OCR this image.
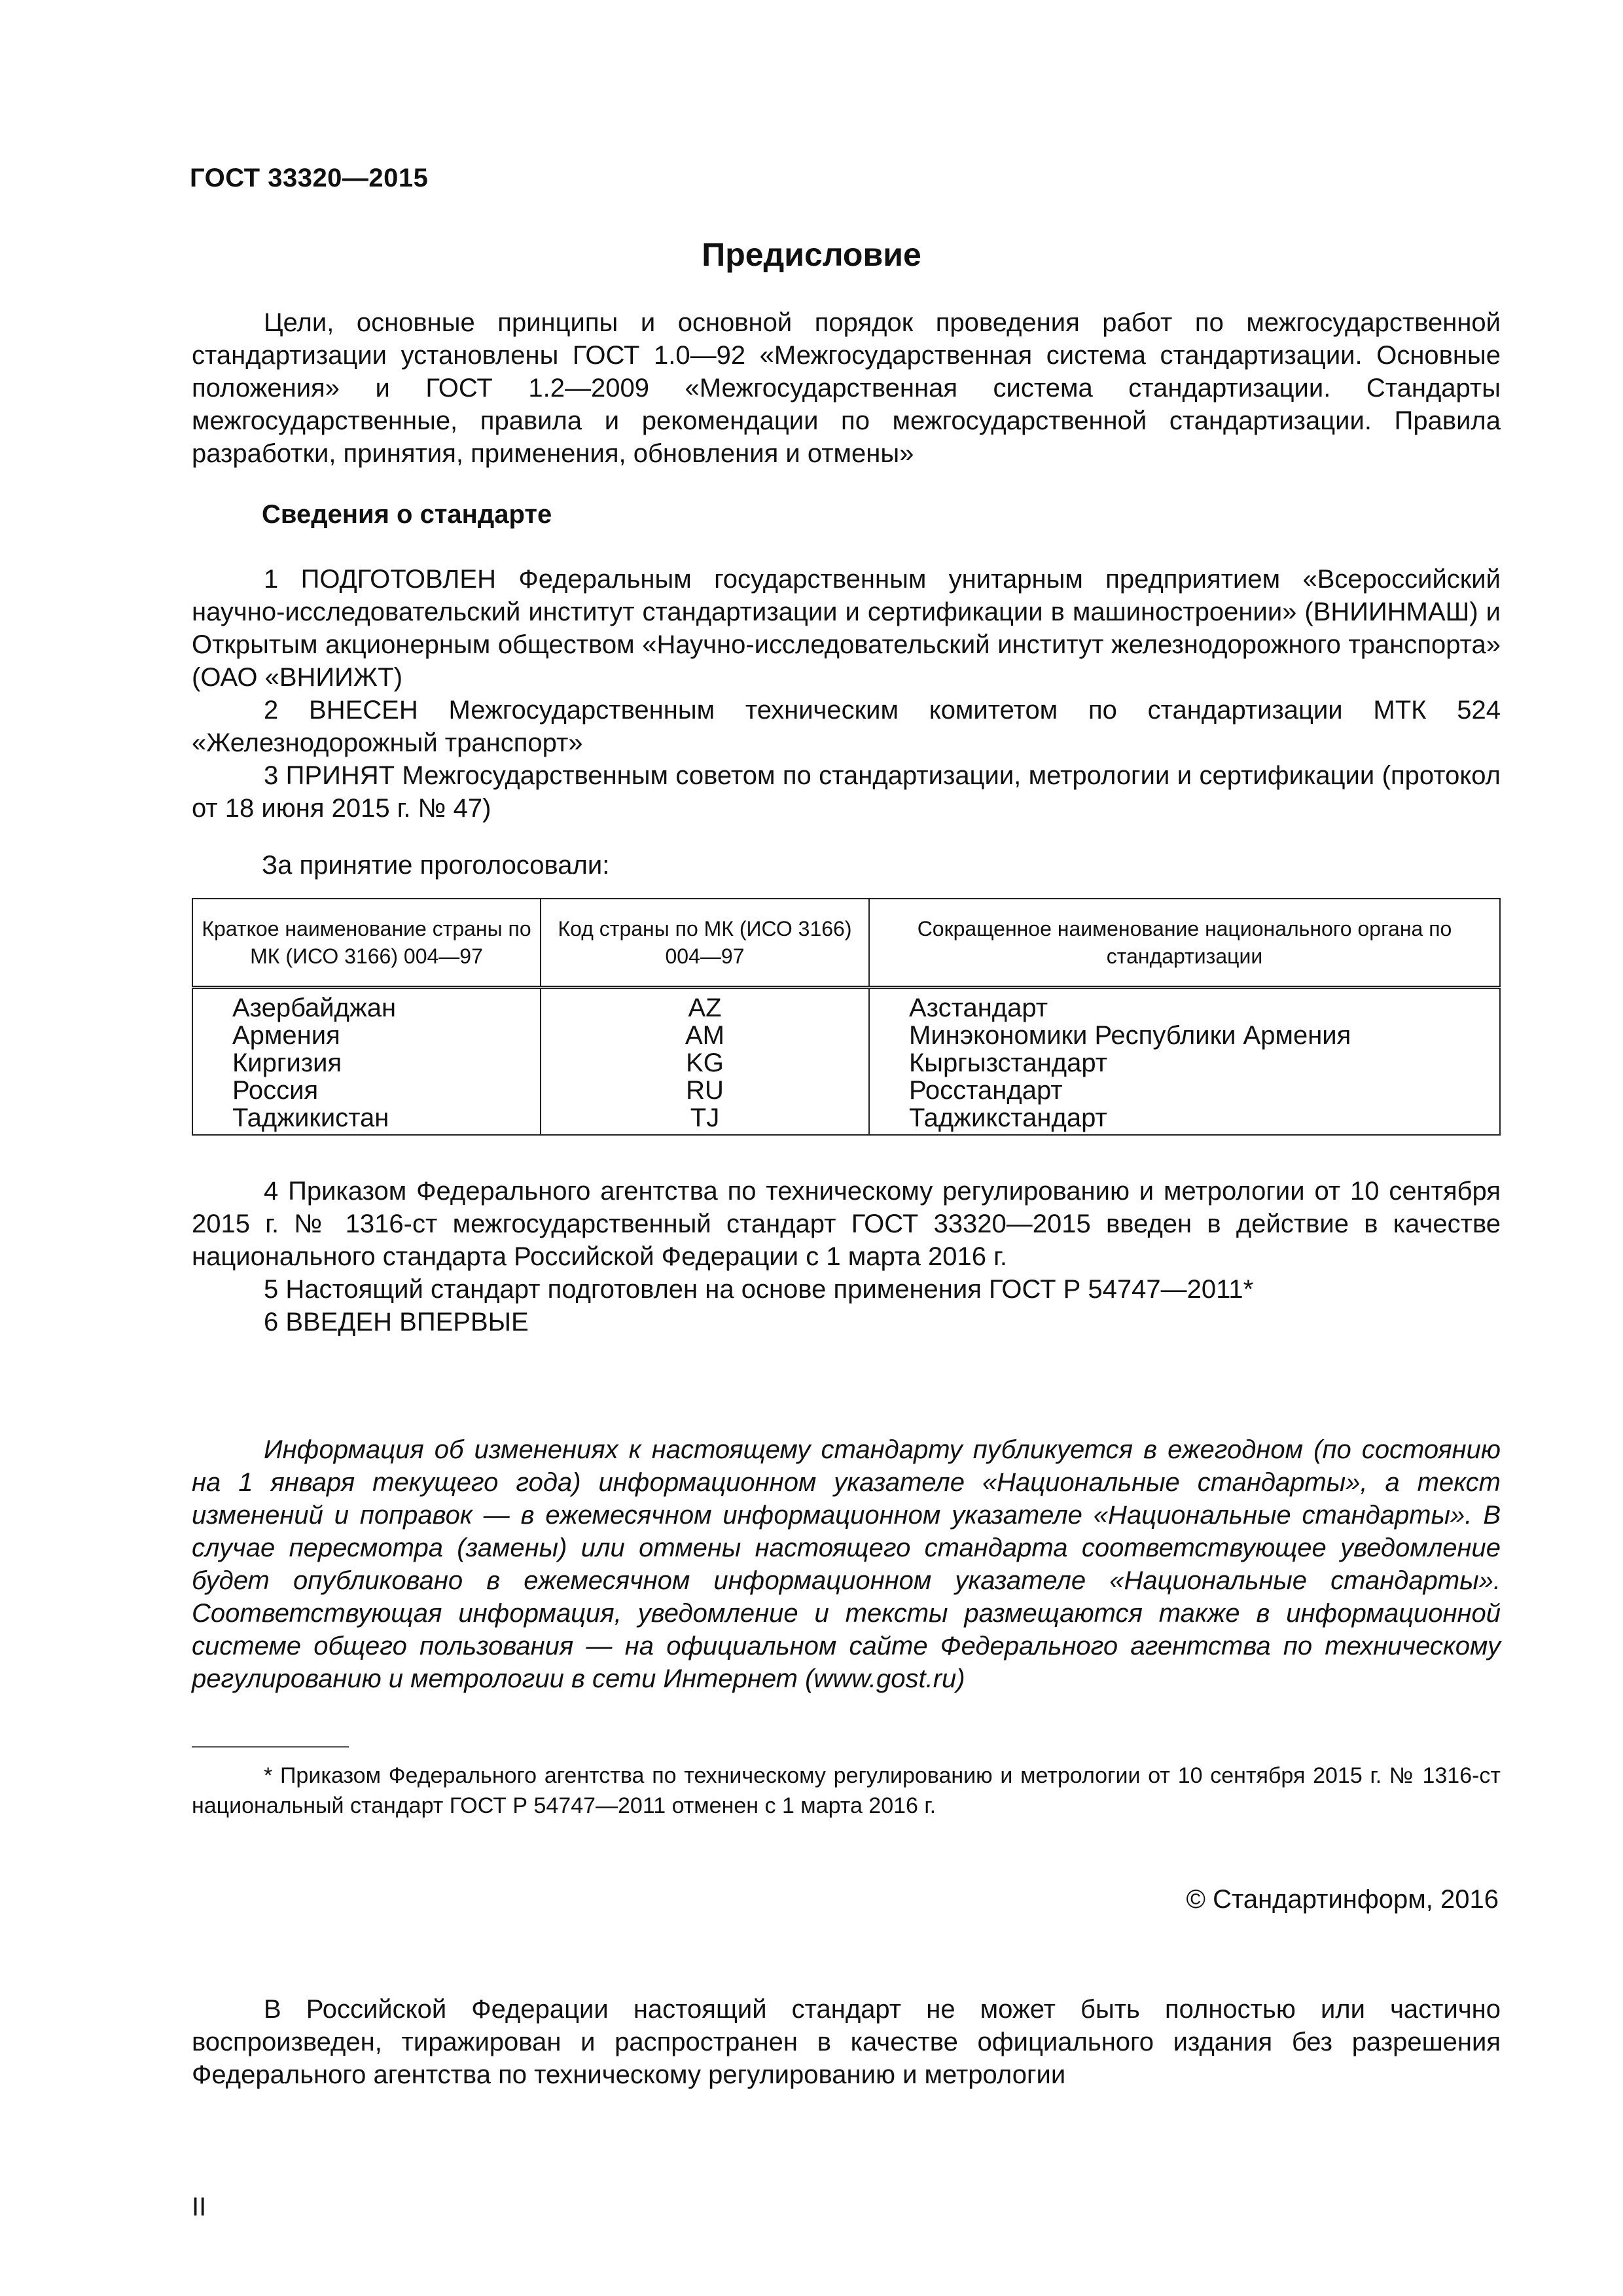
ГОСТ 33320—2015
Предисловие
Цели, основные принципы и основной порядок проведения работ по межгосударственной стандартизации установлены ГОСТ 1.0—92 «Межгосударственная система стандартизации. Основные положения» и ГОСТ 1.2—2009 «Межгосударственная система стандартизации. Стандарты межгосударственные, правила и рекомендации по межгосударственной стандартизации. Правила разработки, принятия, применения, обновления и отмены»
Сведения о стандарте
1 ПОДГОТОВЛЕН Федеральным государственным унитарным предприятием «Всероссийский научно-исследовательский институт стандартизации и сертификации в машиностроении» (ВНИИНМАШ) и Открытым акционерным обществом «Научно-исследовательский институт железнодорожного транспорта» (ОАО «ВНИИЖТ)
2 ВНЕСЕН Межгосударственным техническим комитетом по стандартизации МТК 524 «Железнодорожный транспорт»
3 ПРИНЯТ Межгосударственным советом по стандартизации, метрологии и сертификации (протокол от 18 июня 2015 г. № 47)
За принятие проголосовали:
Краткое наименование страны по МК (ИСО 3166) 004—97	Код страны по МК (ИСО 3166) 004—97	Сокращенное наименование национального органа по стандартизации
Азербайджан	AZ	Азстандарт
Армения	AM	Минэкономики Республики Армения
Киргизия	KG	Кыргызстандарт
Россия	RU	Росстандарт
Таджикистан	TJ	Таджикстандарт
4 Приказом Федерального агентства по техническому регулированию и метрологии от 10 сентября 2015 г. № 1316-ст межгосударственный стандарт ГОСТ 33320—2015 введен в действие в качестве национального стандарта Российской Федерации с 1 марта 2016 г.
5 Настоящий стандарт подготовлен на основе применения ГОСТ Р 54747—2011*
6 ВВЕДЕН ВПЕРВЫЕ
Информация об изменениях к настоящему стандарту публикуется в ежегодном (по состоянию на 1 января текущего года) информационном указателе «Национальные стандарты», а текст изменений и поправок — в ежемесячном информационном указателе «Национальные стандарты». В случае пересмотра (замены) или отмены настоящего стандарта соответствующее уведомление будет опубликовано в ежемесячном информационном указателе «Национальные стандарты». Соответствующая информация, уведомление и тексты размещаются также в информационной системе общего пользования — на официальном сайте Федерального агентства по техническому регулированию и метрологии в сети Интернет (www.gost.ru)
* Приказом Федерального агентства по техническому регулированию и метрологии от 10 сентября 2015 г. № 1316-ст национальный стандарт ГОСТ Р 54747—2011 отменен с 1 марта 2016 г.
© Стандартинформ, 2016
В Российской Федерации настоящий стандарт не может быть полностью или частично воспроизведен, тиражирован и распространен в качестве официального издания без разрешения Федерального агентства по техническому регулированию и метрологии
II
